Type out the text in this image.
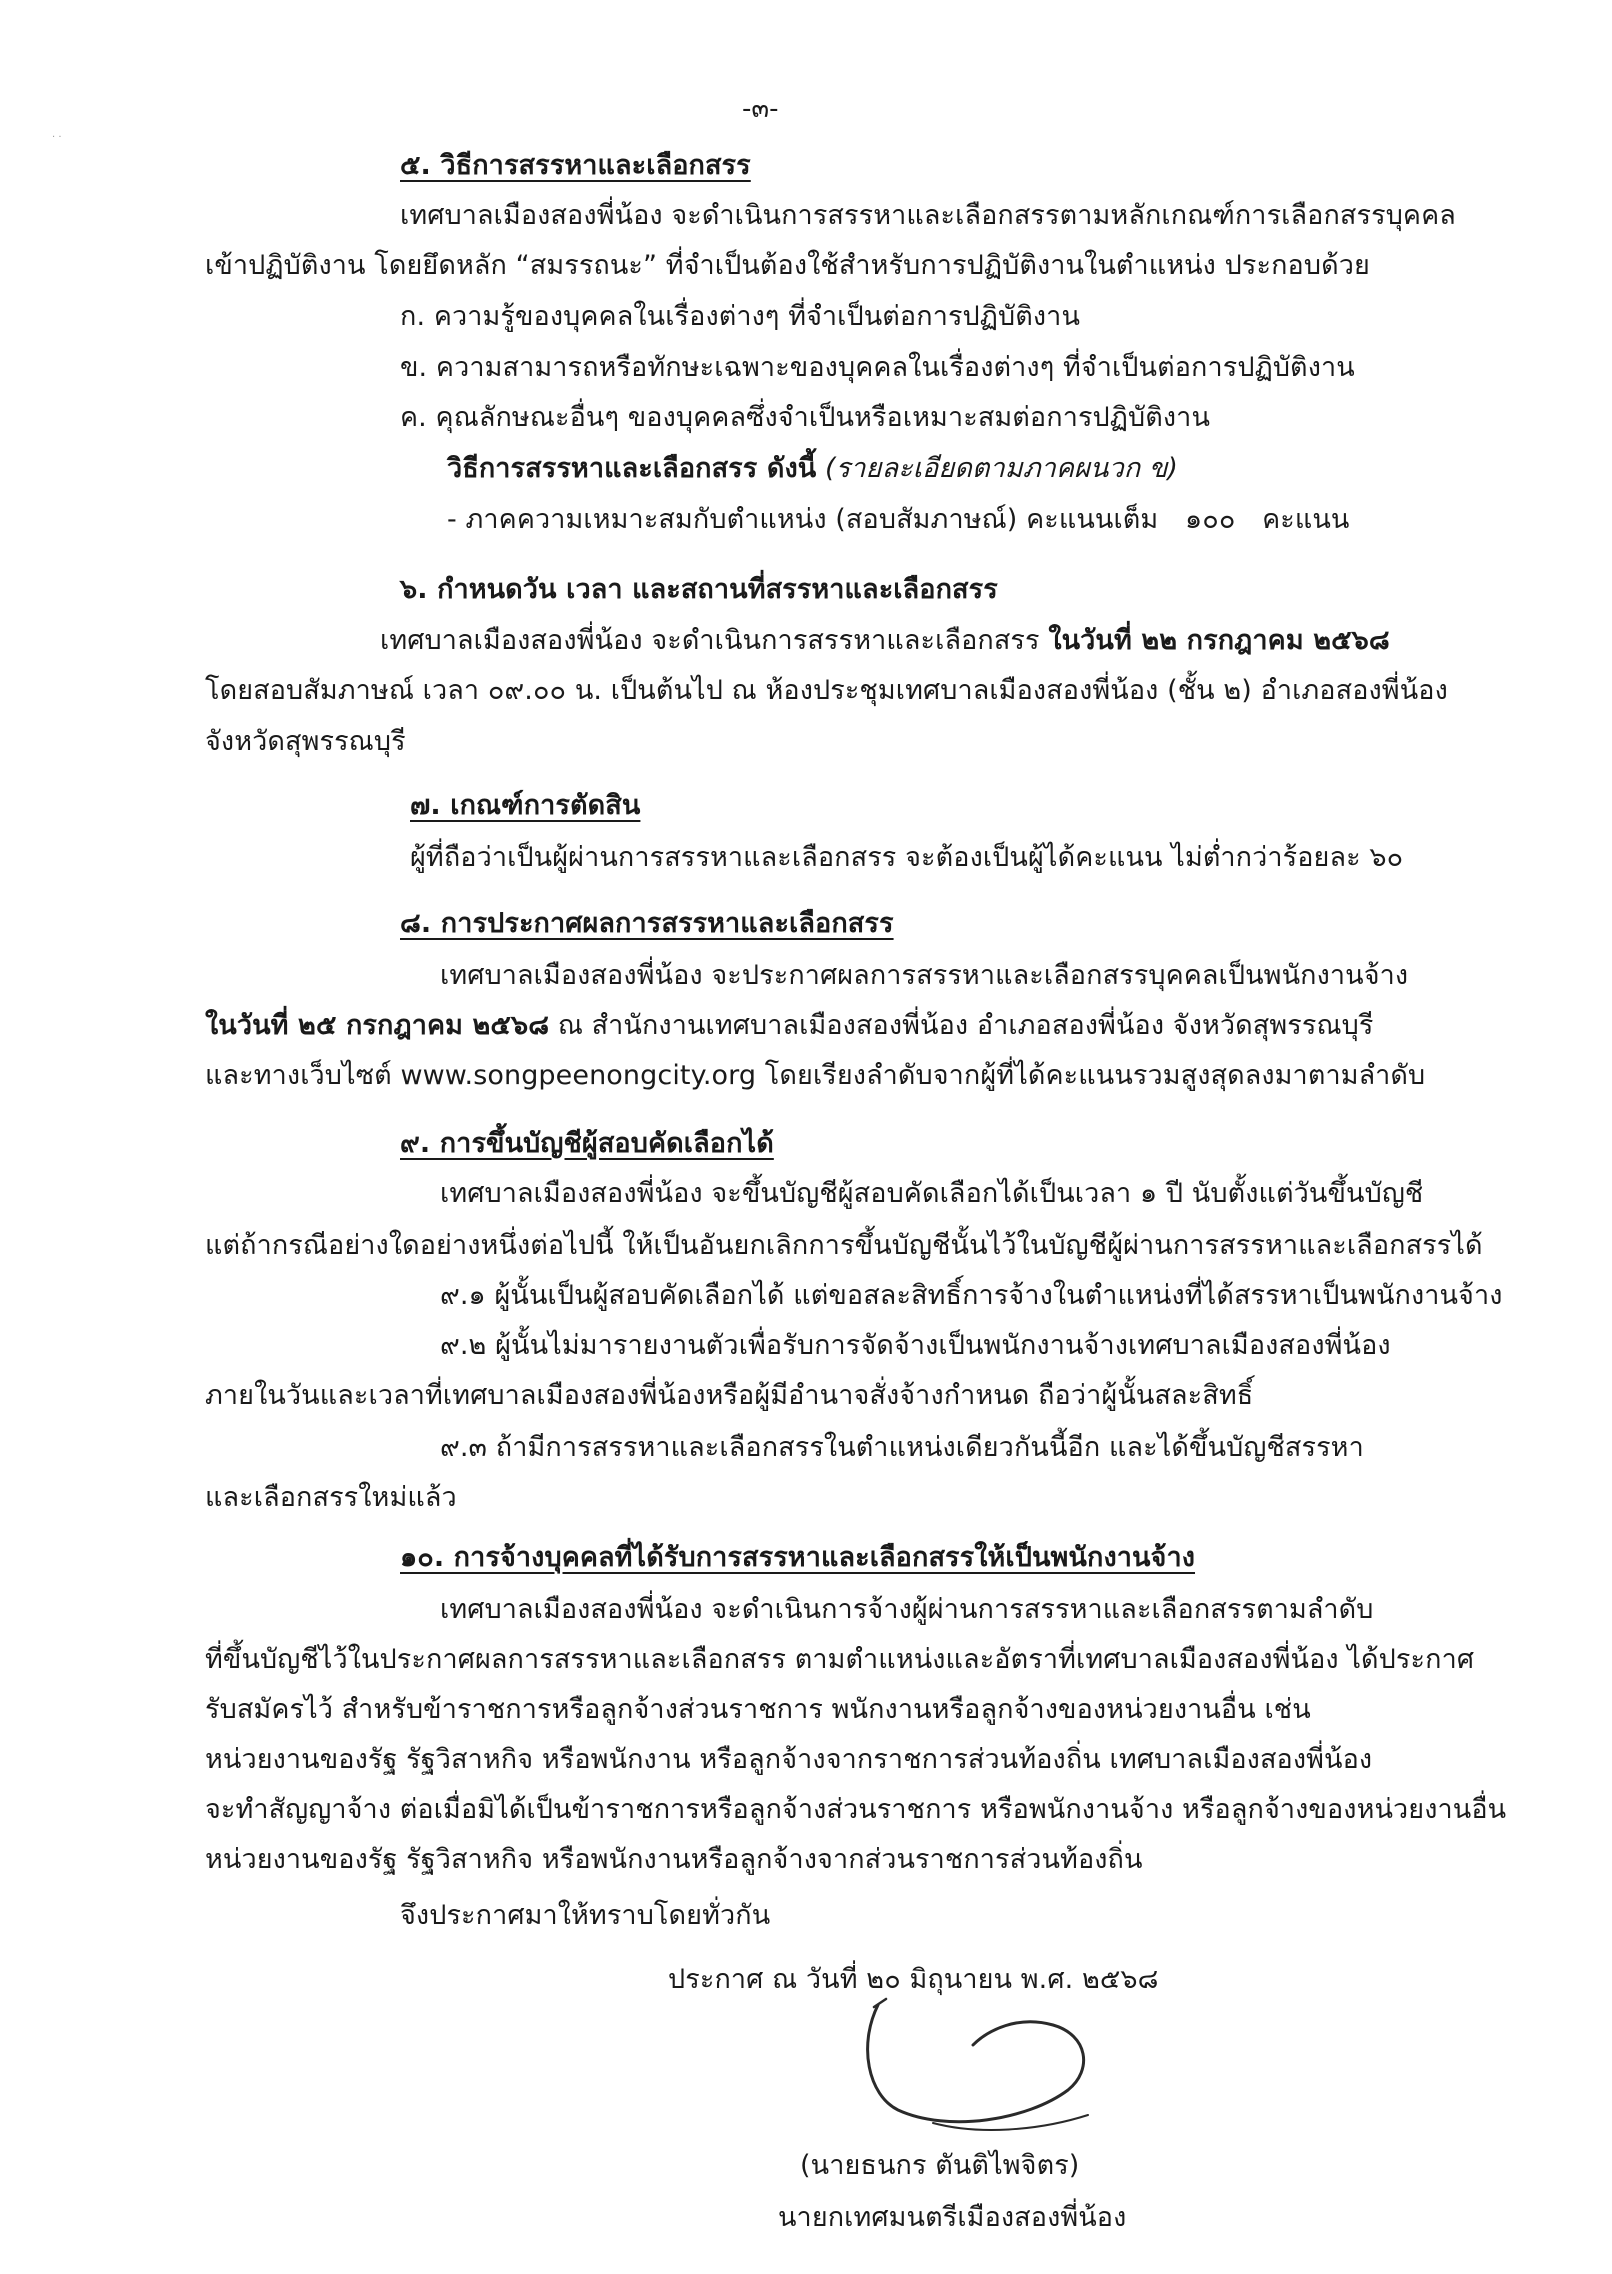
· ·
-๓-
๕. วิธีการสรรหาและเลือกสรร
เทศบาลเมืองสองพี่น้อง จะดำเนินการสรรหาและเลือกสรรตามหลักเกณฑ์การเลือกสรรบุคคล
เข้าปฏิบัติงาน โดยยึดหลัก “สมรรถนะ” ที่จำเป็นต้องใช้สำหรับการปฏิบัติงานในตำแหน่ง ประกอบด้วย
ก. ความรู้ของบุคคลในเรื่องต่างๆ ที่จำเป็นต่อการปฏิบัติงาน
ข. ความสามารถหรือทักษะเฉพาะของบุคคลในเรื่องต่างๆ ที่จำเป็นต่อการปฏิบัติงาน
ค. คุณลักษณะอื่นๆ ของบุคคลซึ่งจำเป็นหรือเหมาะสมต่อการปฏิบัติงาน
วิธีการสรรหาและเลือกสรร ดังนี้ (รายละเอียดตามภาคผนวก ข)
- ภาคความเหมาะสมกับตำแหน่ง (สอบสัมภาษณ์) คะแนนเต็ม ๑๐๐ คะแนน
๖. กำหนดวัน เวลา และสถานที่สรรหาและเลือกสรร
เทศบาลเมืองสองพี่น้อง จะดำเนินการสรรหาและเลือกสรร ในวันที่ ๒๒ กรกฎาคม ๒๕๖๘
โดยสอบสัมภาษณ์ เวลา ๐๙.๐๐ น. เป็นต้นไป ณ ห้องประชุมเทศบาลเมืองสองพี่น้อง (ชั้น ๒) อำเภอสองพี่น้อง
จังหวัดสุพรรณบุรี
๗. เกณฑ์การตัดสิน
ผู้ที่ถือว่าเป็นผู้ผ่านการสรรหาและเลือกสรร จะต้องเป็นผู้ได้คะแนน ไม่ต่ำกว่าร้อยละ ๖๐
๘. การประกาศผลการสรรหาและเลือกสรร
เทศบาลเมืองสองพี่น้อง จะประกาศผลการสรรหาและเลือกสรรบุคคลเป็นพนักงานจ้าง
ในวันที่ ๒๕ กรกฎาคม ๒๕๖๘ ณ สำนักงานเทศบาลเมืองสองพี่น้อง อำเภอสองพี่น้อง จังหวัดสุพรรณบุรี
และทางเว็บไซต์ www.songpeenongcity.org โดยเรียงลำดับจากผู้ที่ได้คะแนนรวมสูงสุดลงมาตามลำดับ
๙. การขึ้นบัญชีผู้สอบคัดเลือกได้
เทศบาลเมืองสองพี่น้อง จะขึ้นบัญชีผู้สอบคัดเลือกได้เป็นเวลา ๑ ปี นับตั้งแต่วันขึ้นบัญชี
แต่ถ้ากรณีอย่างใดอย่างหนึ่งต่อไปนี้ ให้เป็นอันยกเลิกการขึ้นบัญชีนั้นไว้ในบัญชีผู้ผ่านการสรรหาและเลือกสรรได้
๙.๑ ผู้นั้นเป็นผู้สอบคัดเลือกได้ แต่ขอสละสิทธิ์การจ้างในตำแหน่งที่ได้สรรหาเป็นพนักงานจ้าง
๙.๒ ผู้นั้นไม่มารายงานตัวเพื่อรับการจัดจ้างเป็นพนักงานจ้างเทศบาลเมืองสองพี่น้อง
ภายในวันและเวลาที่เทศบาลเมืองสองพี่น้องหรือผู้มีอำนาจสั่งจ้างกำหนด ถือว่าผู้นั้นสละสิทธิ์
๙.๓ ถ้ามีการสรรหาและเลือกสรรในตำแหน่งเดียวกันนี้อีก และได้ขึ้นบัญชีสรรหา
และเลือกสรรใหม่แล้ว
๑๐. การจ้างบุคคลที่ได้รับการสรรหาและเลือกสรรให้เป็นพนักงานจ้าง
เทศบาลเมืองสองพี่น้อง จะดำเนินการจ้างผู้ผ่านการสรรหาและเลือกสรรตามลำดับ
ที่ขึ้นบัญชีไว้ในประกาศผลการสรรหาและเลือกสรร ตามตำแหน่งและอัตราที่เทศบาลเมืองสองพี่น้อง ได้ประกาศ
รับสมัครไว้ สำหรับข้าราชการหรือลูกจ้างส่วนราชการ พนักงานหรือลูกจ้างของหน่วยงานอื่น เช่น
หน่วยงานของรัฐ รัฐวิสาหกิจ หรือพนักงาน หรือลูกจ้างจากราชการส่วนท้องถิ่น เทศบาลเมืองสองพี่น้อง
จะทำสัญญาจ้าง ต่อเมื่อมิได้เป็นข้าราชการหรือลูกจ้างส่วนราชการ หรือพนักงานจ้าง หรือลูกจ้างของหน่วยงานอื่น
หน่วยงานของรัฐ รัฐวิสาหกิจ หรือพนักงานหรือลูกจ้างจากส่วนราชการส่วนท้องถิ่น
จึงประกาศมาให้ทราบโดยทั่วกัน
ประกาศ ณ วันที่ ๒๐ มิถุนายน พ.ศ. ๒๕๖๘
(นายธนกร ตันติไพจิตร)
นายกเทศมนตรีเมืองสองพี่น้อง
